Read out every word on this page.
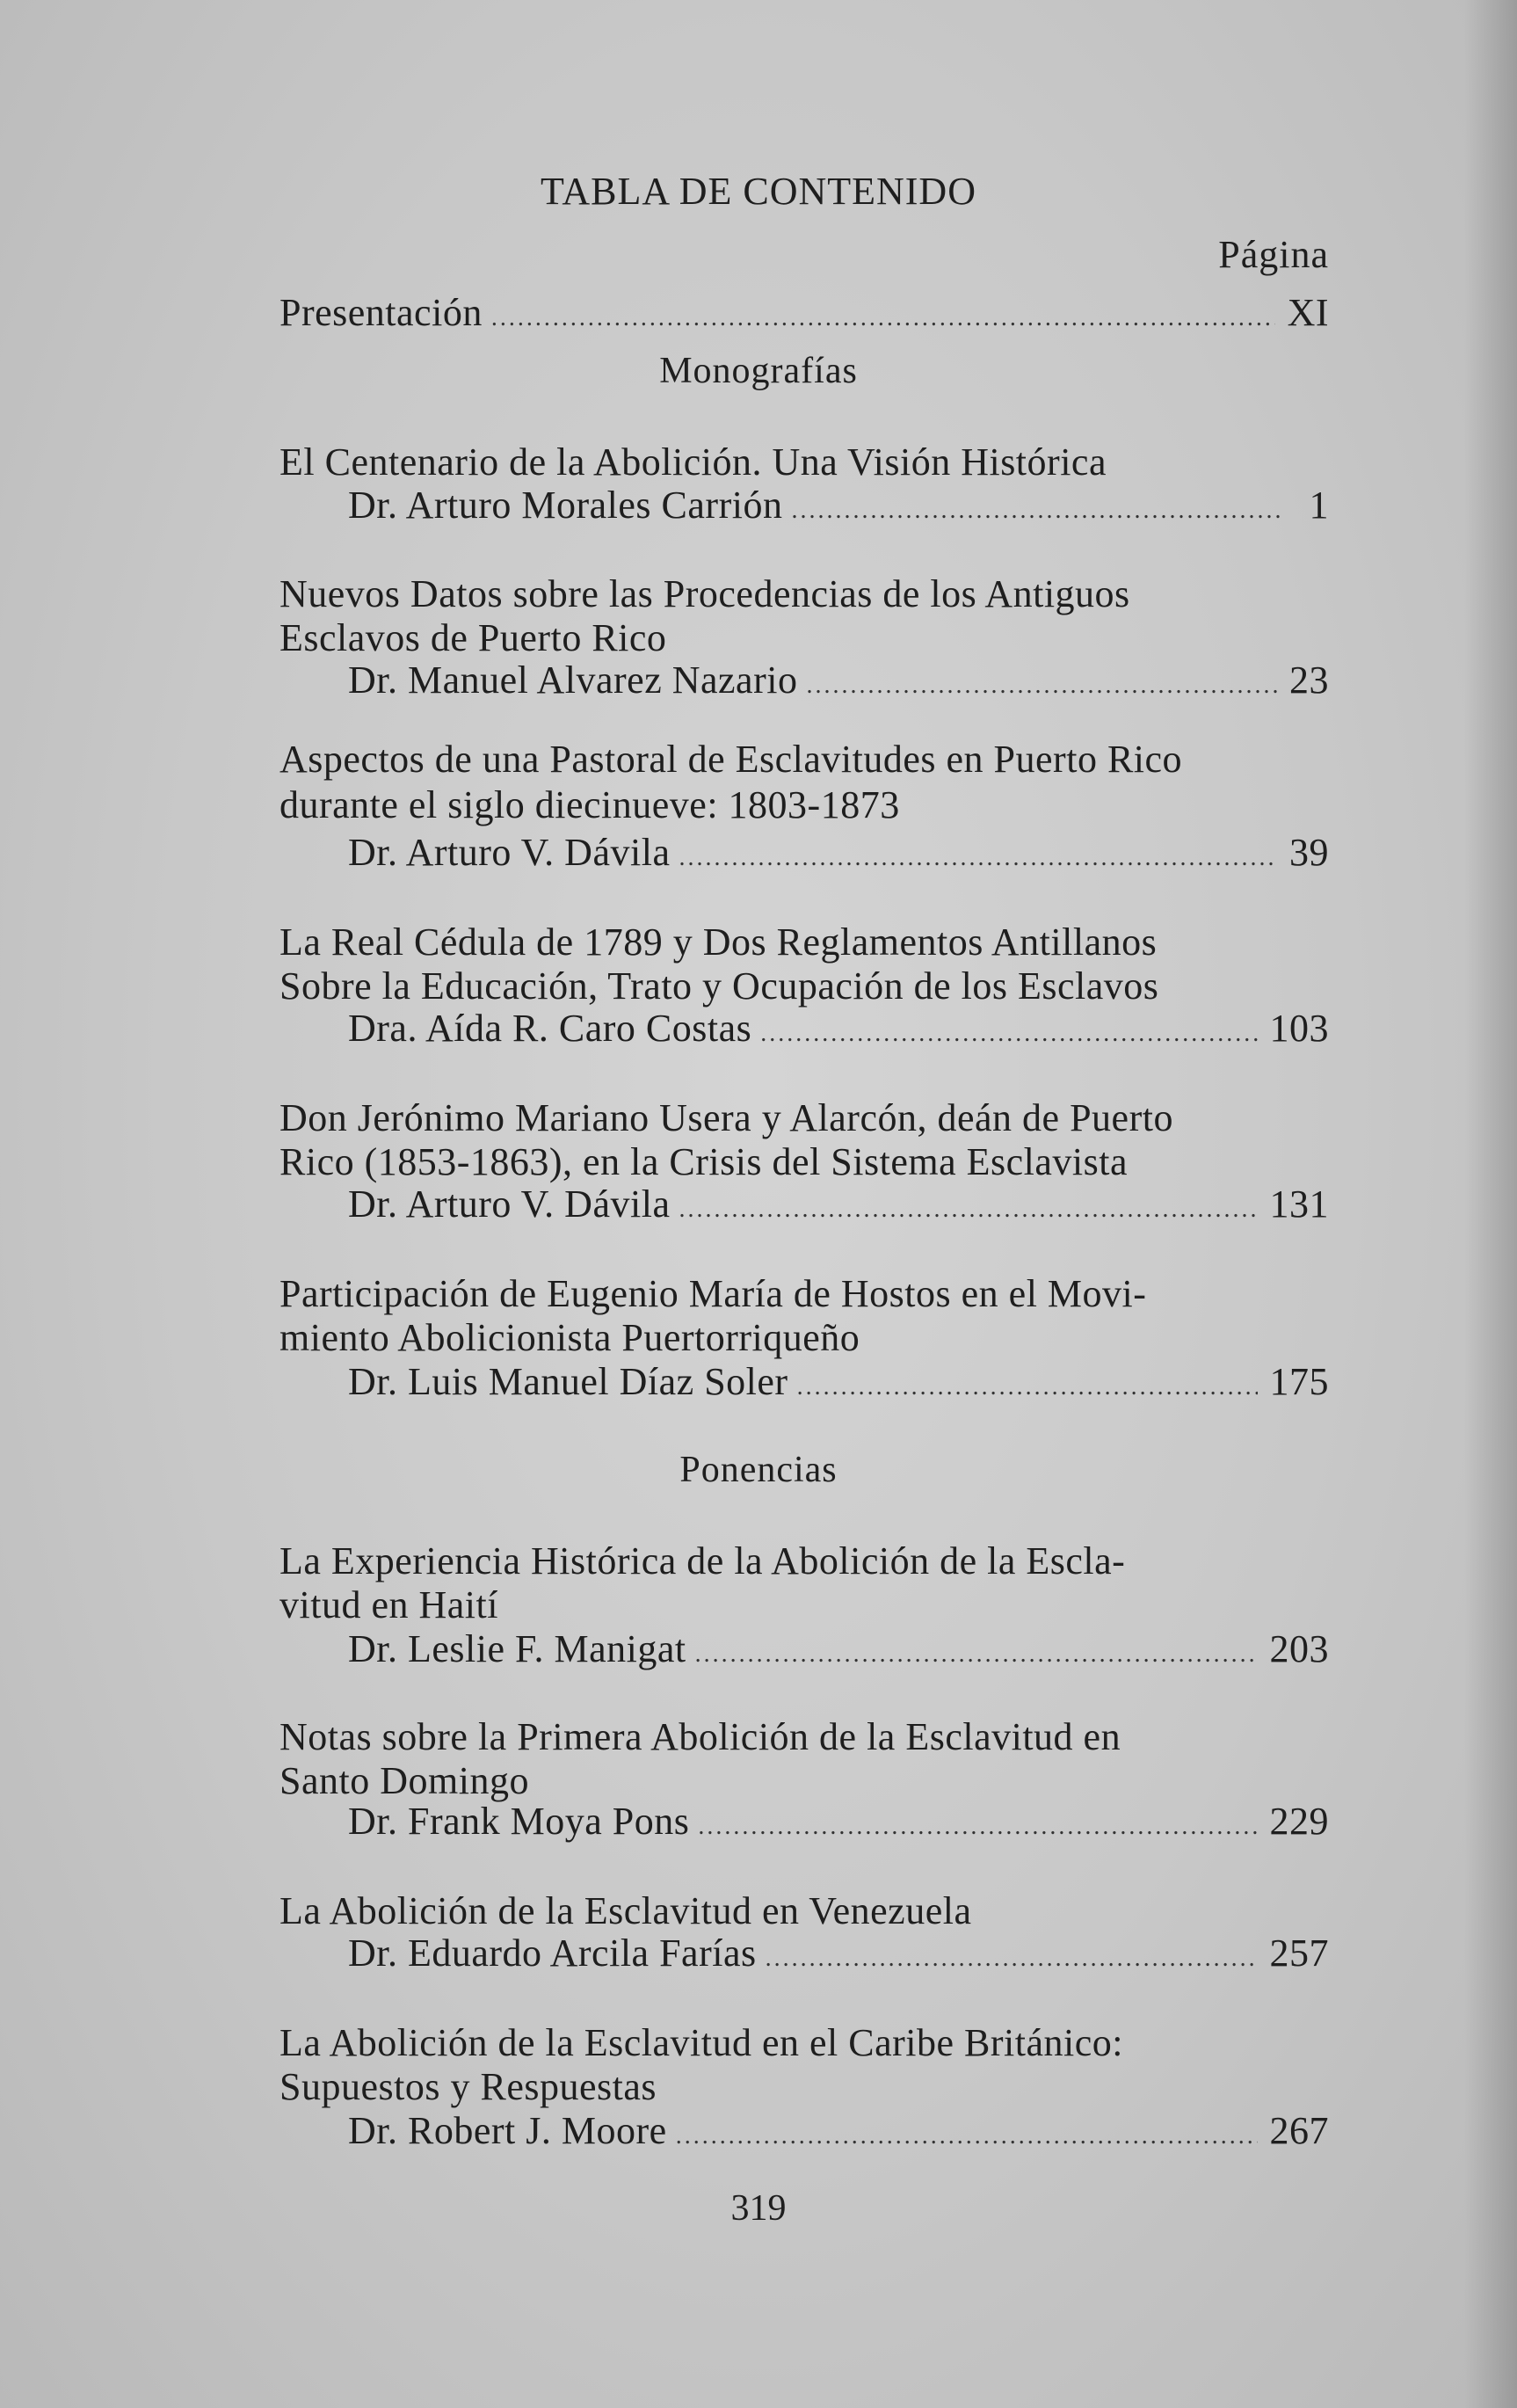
TABLA DE CONTENIDO
Página
Presentación .....	XI
Monografías
El Centenario de la Abolición. Una Visión Histórica
Dr. Arturo Morales Carrión .....	1
Nuevos Datos sobre las Procedencias de los Antiguos
Esclavos de Puerto Rico
Dr. Manuel Alvarez Nazario .....	23
Aspectos de una Pastoral de Esclavitudes en Puerto Rico
durante el siglo diecinueve: 1803-1873
Dr. Arturo V. Dávila .....	39
La Real Cédula de 1789 y Dos Reglamentos Antillanos
Sobre la Educación, Trato y Ocupación de los Esclavos
Dra. Aída R. Caro Costas .....	103
Don Jerónimo Mariano Usera y Alarcón, deán de Puerto
Rico (1853-1863), en la Crisis del Sistema Esclavista
Dr. Arturo V. Dávila .....	131
Participación de Eugenio María de Hostos en el Movi-
miento Abolicionista Puertorriqueño
Dr. Luis Manuel Díaz Soler .....	175
Ponencias
La Experiencia Histórica de la Abolición de la Escla-
vitud en Haití
Dr. Leslie F. Manigat .....	203
Notas sobre la Primera Abolición de la Esclavitud en
Santo Domingo
Dr. Frank Moya Pons .....	229
La Abolición de la Esclavitud en Venezuela
Dr. Eduardo Arcila Farías .....	257
La Abolición de la Esclavitud en el Caribe Británico:
Supuestos y Respuestas
Dr. Robert J. Moore .....	267
319
